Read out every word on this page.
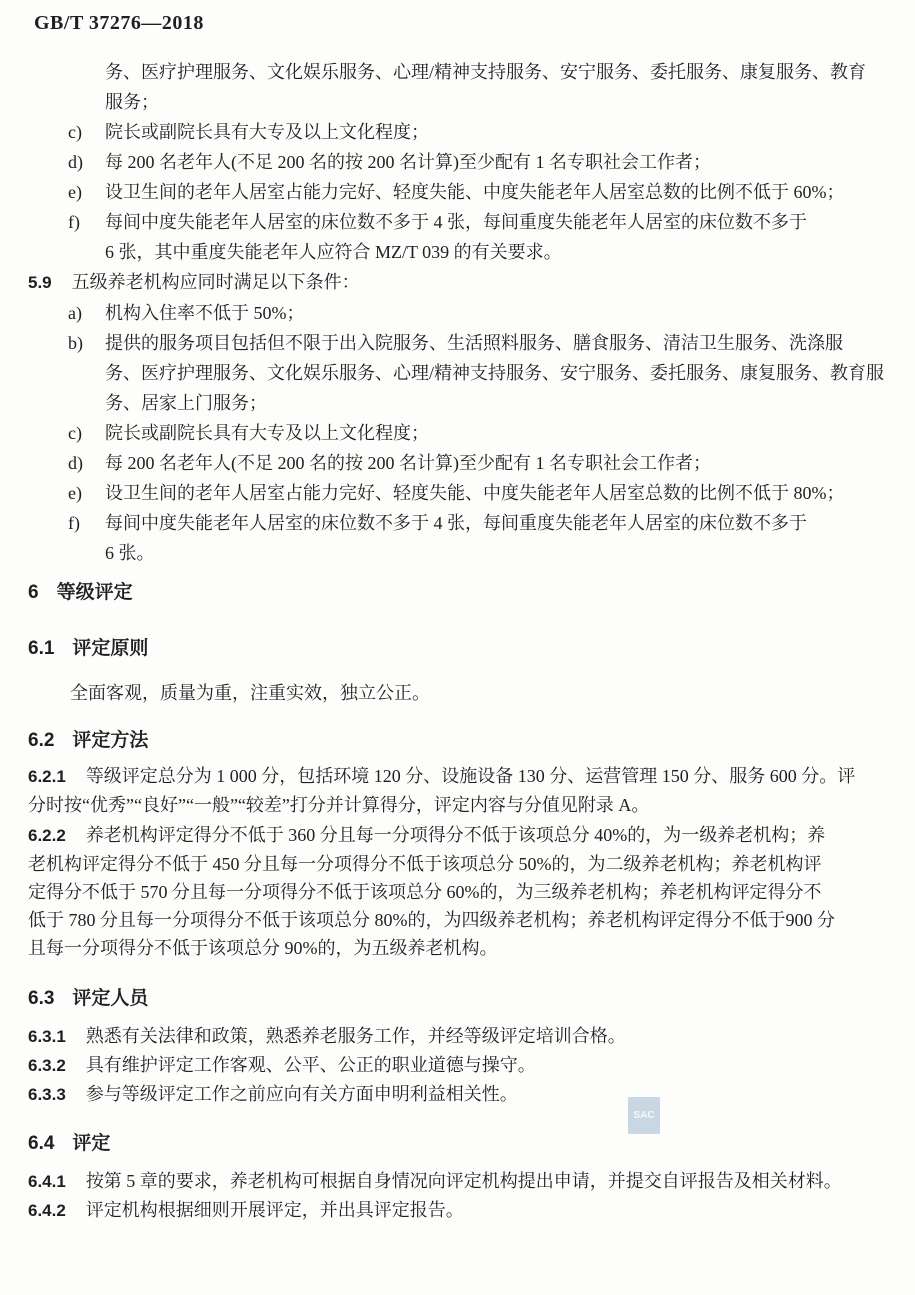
GB/T 37276—2018
务、医疗护理服务、文化娱乐服务、心理/精神支持服务、安宁服务、委托服务、康复服务、教育
服务；
c)	院长或副院长具有大专及以上文化程度；
d)	每 200 名老年人(不足 200 名的按 200 名计算)至少配有 1 名专职社会工作者；
e)	设卫生间的老年人居室占能力完好、轻度失能、中度失能老年人居室总数的比例不低于 60%；
f)	每间中度失能老年人居室的床位数不多于 4 张，每间重度失能老年人居室的床位数不多于
6 张，其中重度失能老年人应符合 MZ/T 039 的有关要求。
5.9 五级养老机构应同时满足以下条件：
a)	机构入住率不低于 50%；
b)	提供的服务项目包括但不限于出入院服务、生活照料服务、膳食服务、清洁卫生服务、洗涤服
务、医疗护理服务、文化娱乐服务、心理/精神支持服务、安宁服务、委托服务、康复服务、教育服
务、居家上门服务；
c)	院长或副院长具有大专及以上文化程度；
d)	每 200 名老年人(不足 200 名的按 200 名计算)至少配有 1 名专职社会工作者；
e)	设卫生间的老年人居室占能力完好、轻度失能、中度失能老年人居室总数的比例不低于 80%；
f)	每间中度失能老年人居室的床位数不多于 4 张，每间重度失能老年人居室的床位数不多于
6 张。
6 等级评定
6.1 评定原则
全面客观，质量为重，注重实效，独立公正。
6.2 评定方法
6.2.1 等级评定总分为 1 000 分，包括环境 120 分、设施设备 130 分、运营管理 150 分、服务 600 分。评
分时按“优秀”“良好”“一般”“较差”打分并计算得分，评定内容与分值见附录 A。
6.2.2 养老机构评定得分不低于 360 分且每一分项得分不低于该项总分 40%的，为一级养老机构；养
老机构评定得分不低于 450 分且每一分项得分不低于该项总分 50%的，为二级养老机构；养老机构评
定得分不低于 570 分且每一分项得分不低于该项总分 60%的，为三级养老机构；养老机构评定得分不
低于 780 分且每一分项得分不低于该项总分 80%的，为四级养老机构；养老机构评定得分不低于900 分
且每一分项得分不低于该项总分 90%的，为五级养老机构。
6.3 评定人员
6.3.1 熟悉有关法律和政策，熟悉养老服务工作，并经等级评定培训合格。
6.3.2 具有维护评定工作客观、公平、公正的职业道德与操守。
6.3.3 参与等级评定工作之前应向有关方面申明利益相关性。
6.4 评定
6.4.1 按第 5 章的要求，养老机构可根据自身情况向评定机构提出申请，并提交自评报告及相关材料。
6.4.2 评定机构根据细则开展评定，并出具评定报告。
SAC
